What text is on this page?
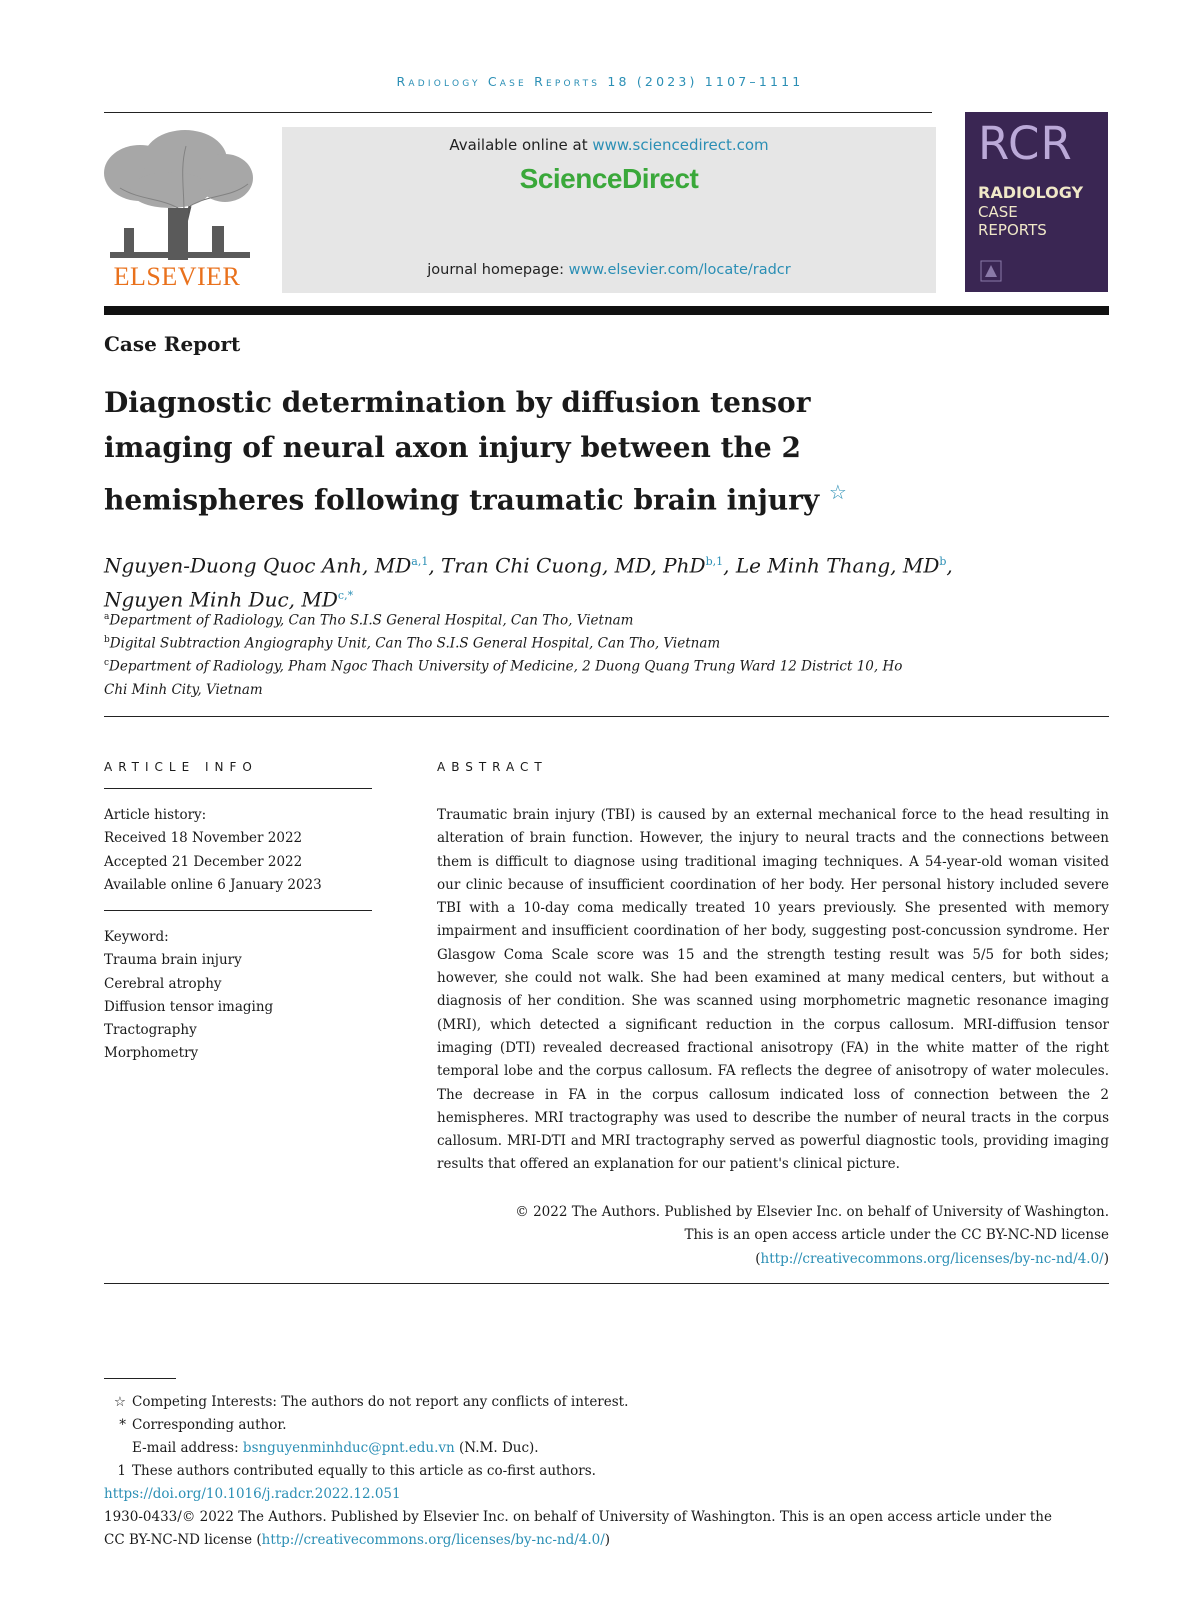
Radiology Case Reports 18 (2023) 1107–1111
ELSEVIER
Available online at www.sciencedirect.com
ScienceDirect
journal homepage: www.elsevier.com/locate/radcr
RCR
RADIOLOGY
CASE
REPORTS
Case Report
Diagnostic determination by diffusion tensor
imaging of neural axon injury between the 2
hemispheres following traumatic brain injury ☆
Nguyen-Duong Quoc Anh, MD$^{a,1}$, Tran Chi Cuong, MD, PhD$^{b,1}$, Le Minh Thang, $MD^b$,
Nguyen Minh Duc, $MD^{c,*}$
$^a$Department of Radiology, Can Tho S.I.S General Hospital, Can Tho, Vietnam
$^b$Digital Subtraction Angiography Unit, Can Tho S.I.S General Hospital, Can Tho, Vietnam
$^c$Department of Radiology, Pham Ngoc Thach University of Medicine, 2 Duong Quang Trung Ward 12 District 10, Ho Chi Minh City, Vietnam
ARTICLE INFO
Article history:
Received 18 November 2022
Accepted 21 December 2022
Available online 6 January 2023
Keyword:
Trauma brain injury
Cerebral atrophy
Diffusion tensor imaging
Tractography
Morphometry
ABSTRACT
Traumatic brain injury (TBI) is caused by an external mechanical force to the head resulting in alteration of brain function. However, the injury to neural tracts and the connections between them is difficult to diagnose using traditional imaging techniques. A 54-year-old woman visited our clinic because of insufficient coordination of her body. Her personal history included severe TBI with a 10-day coma medically treated 10 years previously. She presented with memory impairment and insufficient coordination of her body, suggesting post-concussion syndrome. Her Glasgow Coma Scale score was 15 and the strength testing result was 5/5 for both sides; however, she could not walk. She had been examined at many medical centers, but without a diagnosis of her condition. She was scanned using morphometric magnetic resonance imaging (MRI), which detected a significant reduction in the corpus callosum. MRI-diffusion tensor imaging (DTI) revealed decreased fractional anisotropy (FA) in the white matter of the right temporal lobe and the corpus callosum. FA reflects the degree of anisotropy of water molecules. The decrease in FA in the corpus callosum indicated loss of connection between the 2 hemispheres. MRI tractography was used to describe the number of neural tracts in the corpus callosum. MRI-DTI and MRI tractography served as powerful diagnostic tools, providing imaging results that offered an explanation for our patient's clinical picture.
© 2022 The Authors. Published by Elsevier Inc. on behalf of University of Washington.
This is an open access article under the CC BY-NC-ND license
(http://creativecommons.org/licenses/by-nc-nd/4.0/)
☆ Competing Interests: The authors do not report any conflicts of interest.
* Corresponding author.
E-mail address: bsnguyenminhduc@pnt.edu.vn (N.M. Duc).
1 These authors contributed equally to this article as co-first authors.
https://doi.org/10.1016/j.radcr.2022.12.051
1930-0433/© 2022 The Authors. Published by Elsevier Inc. on behalf of University of Washington. This is an open access article under the
CC BY-NC-ND license (http://creativecommons.org/licenses/by-nc-nd/4.0/)
